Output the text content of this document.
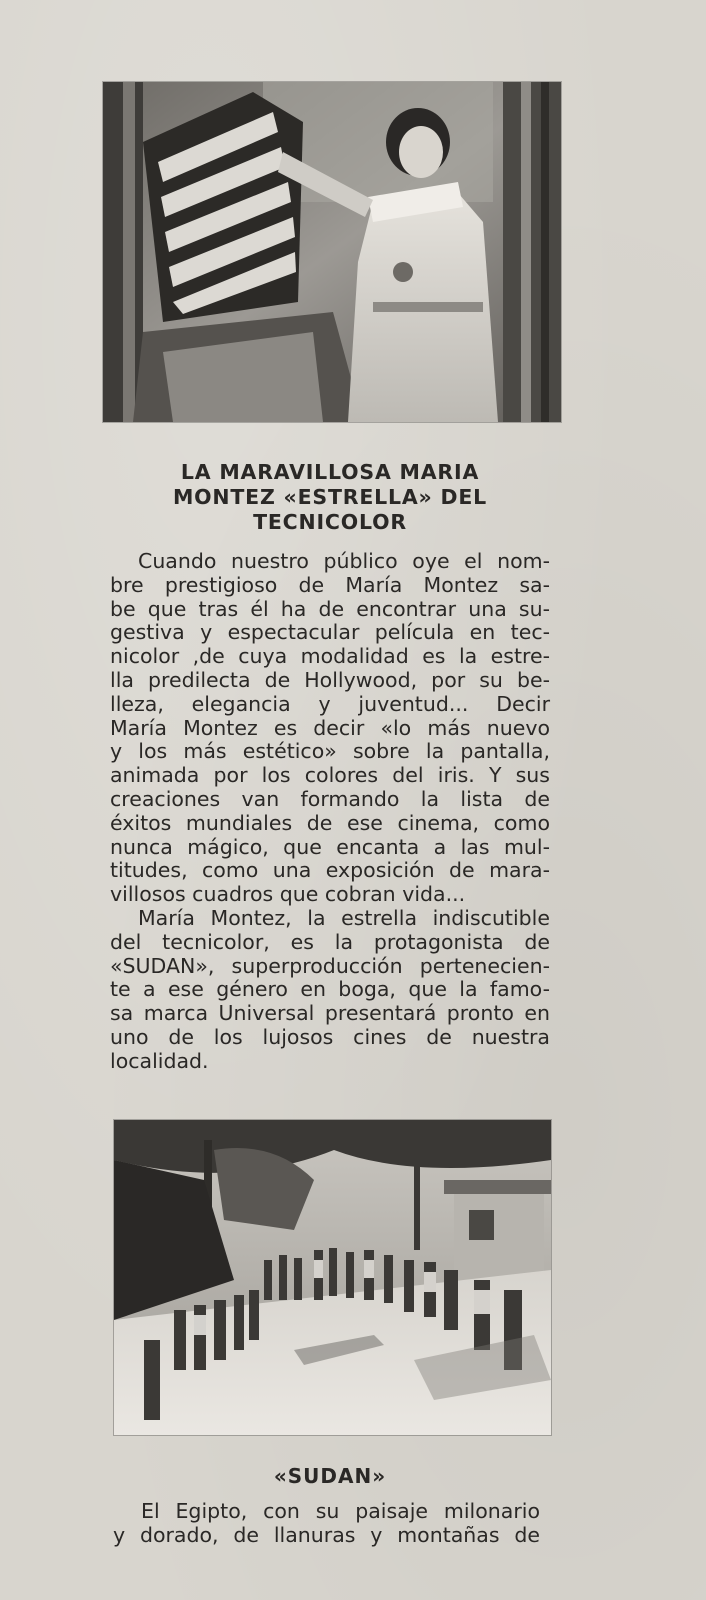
LA MARAVILLOSA MARIA
MONTEZ «ESTRELLA» DEL
TECNICOLOR
Cuando nuestro público oye el nom-
bre prestigioso de María Montez sa-
be que tras él ha de encontrar una su-
gestiva y espectacular película en tec-
nicolor ,de cuya modalidad es la estre-
lla predilecta de Hollywood, por su be-
lleza, elegancia y juventud... Decir
María Montez es decir «lo más nuevo
y los más estético» sobre la pantalla,
animada por los colores del iris. Y sus
creaciones van formando la lista de
éxitos mundiales de ese cinema, como
nunca mágico, que encanta a las mul-
titudes, como una exposición de mara-
villosos cuadros que cobran vida...
María Montez, la estrella indiscutible
del tecnicolor, es la protagonista de
«SUDAN», superproducción pertenecien-
te a ese género en boga, que la famo-
sa marca Universal presentará pronto en
uno de los lujosos cines de nuestra
localidad.
«SUDAN»
El Egipto, con su paisaje milonario
y dorado, de llanuras y montañas de
